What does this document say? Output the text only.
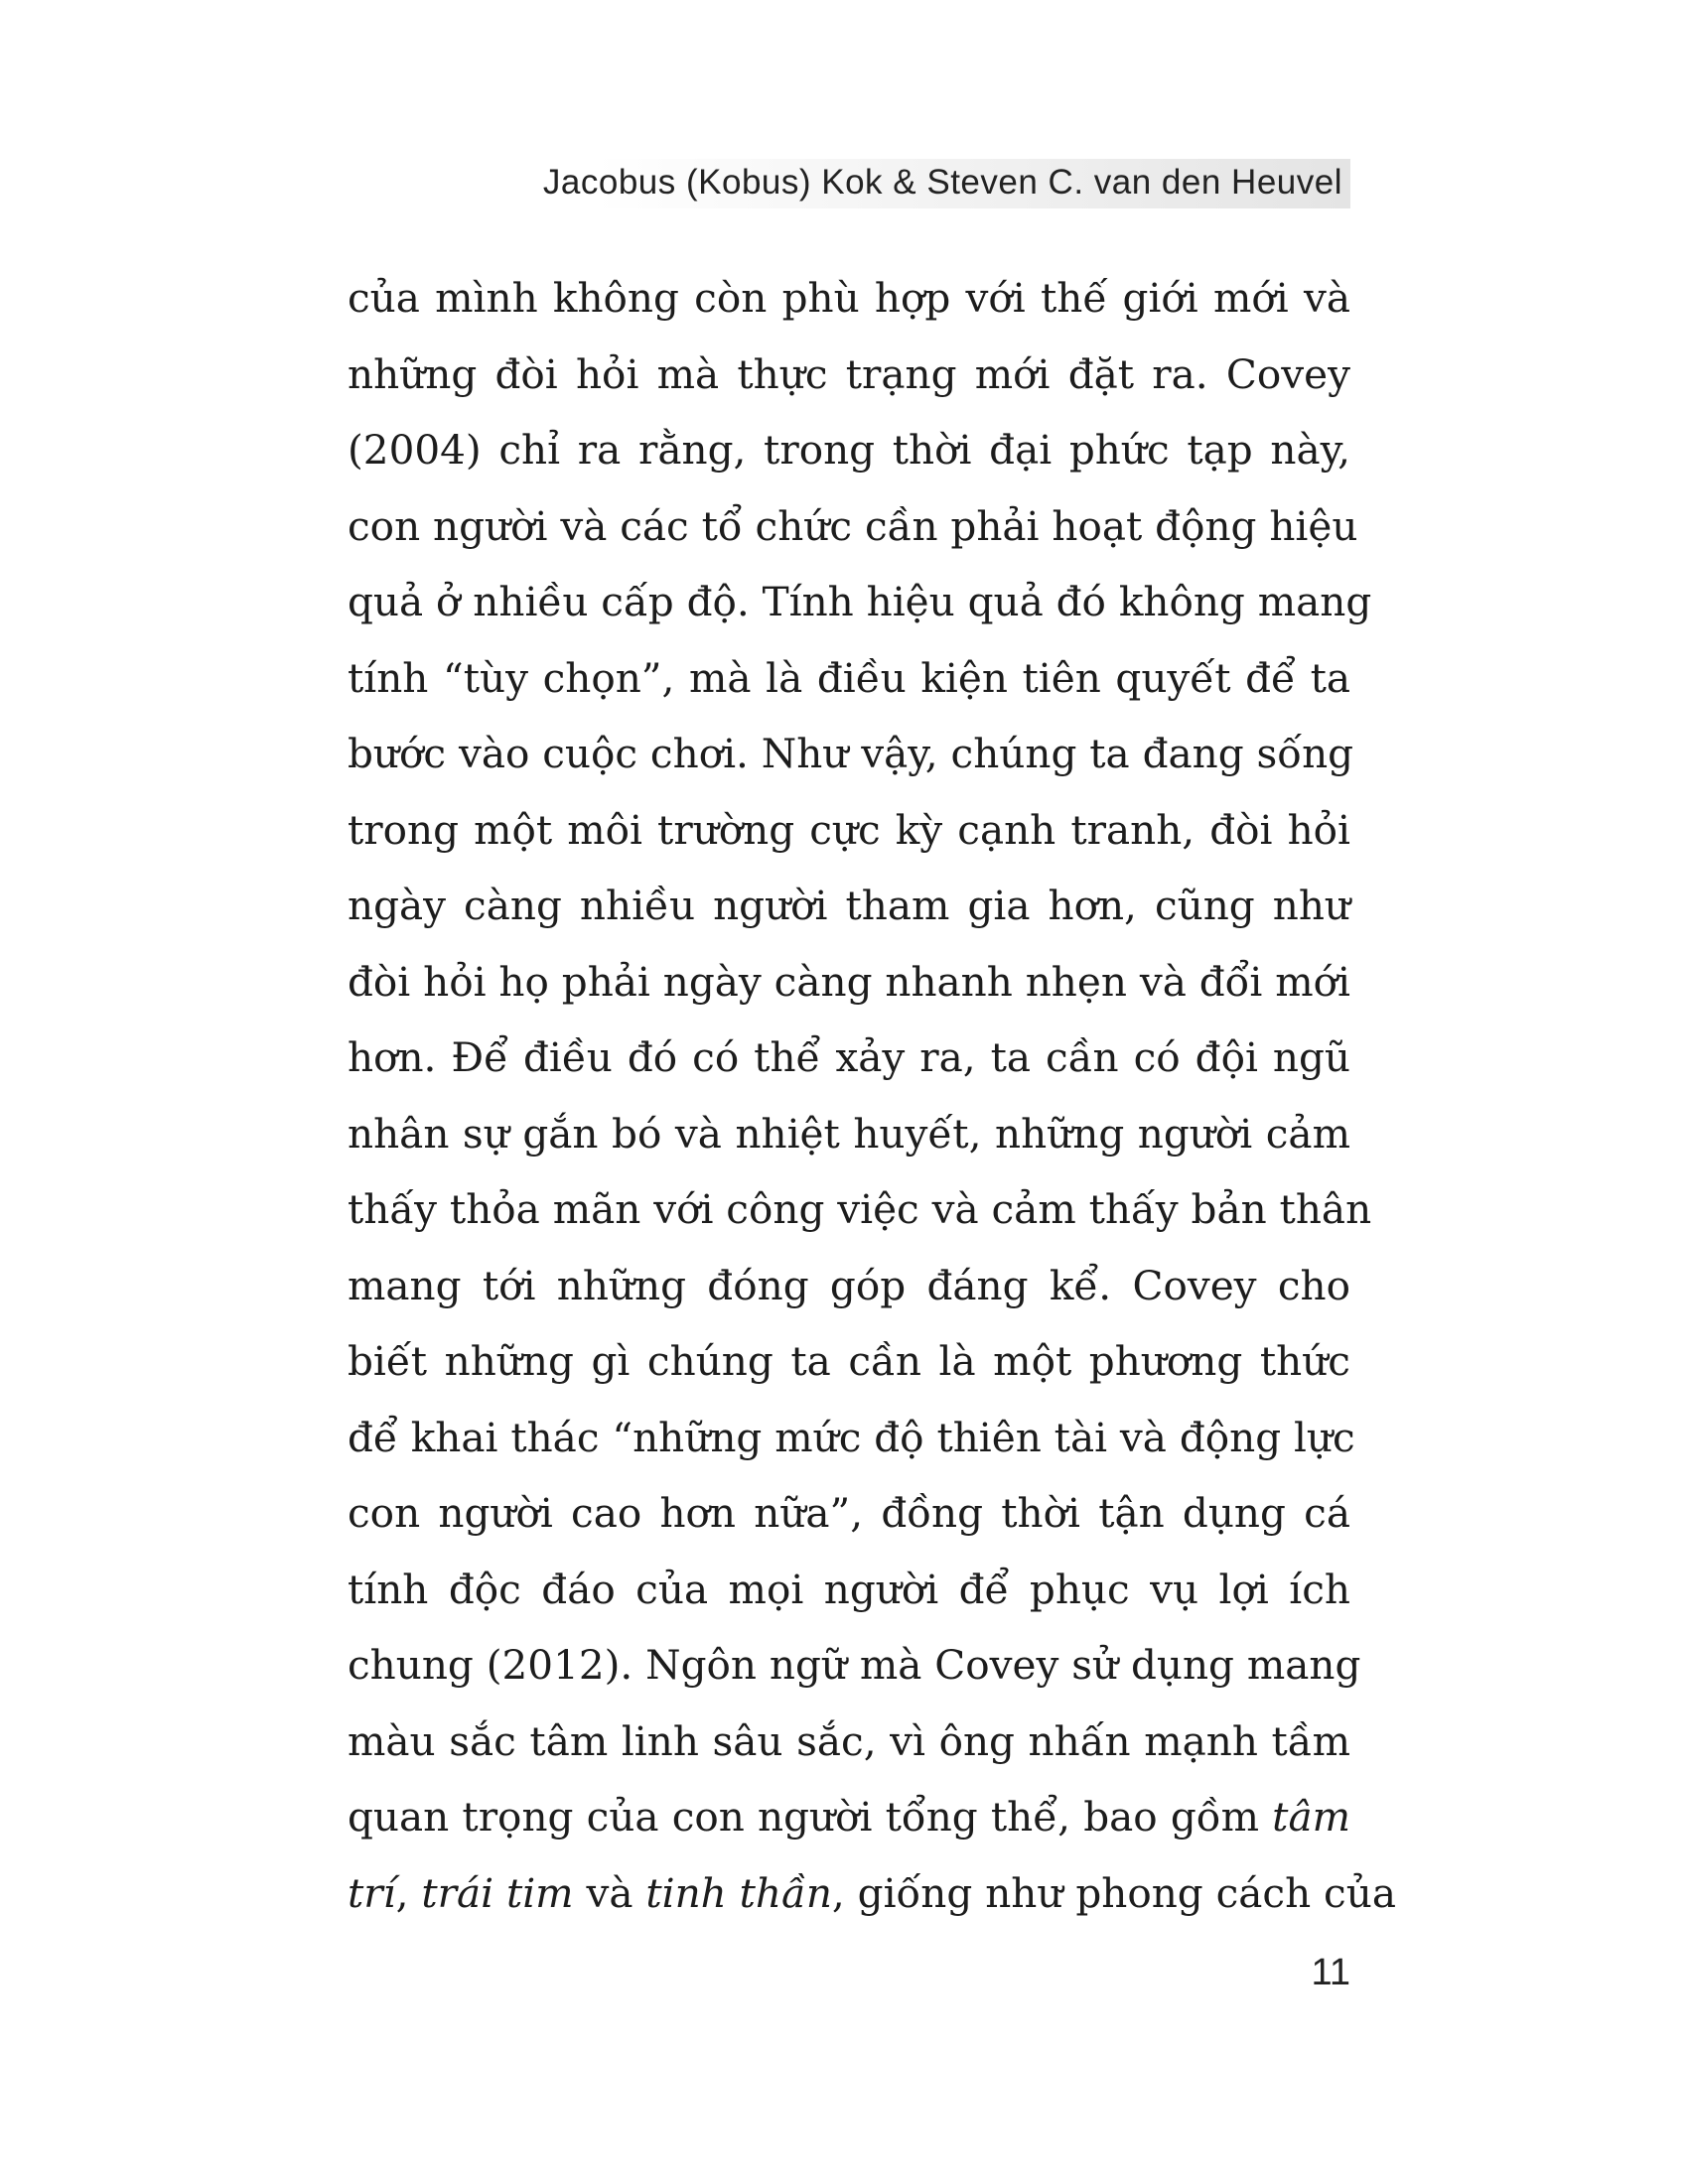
Jacobus (Kobus) Kok & Steven C. van den Heuvel
của mình không còn phù hợp với thế giới mới và
những đòi hỏi mà thực trạng mới đặt ra. Covey
(2004) chỉ ra rằng, trong thời đại phức tạp này,
con người và các tổ chức cần phải hoạt động hiệu
quả ở nhiều cấp độ. Tính hiệu quả đó không mang
tính “tùy chọn”, mà là điều kiện tiên quyết để ta
bước vào cuộc chơi. Như vậy, chúng ta đang sống
trong một môi trường cực kỳ cạnh tranh, đòi hỏi
ngày càng nhiều người tham gia hơn, cũng như
đòi hỏi họ phải ngày càng nhanh nhẹn và đổi mới
hơn. Để điều đó có thể xảy ra, ta cần có đội ngũ
nhân sự gắn bó và nhiệt huyết, những người cảm
thấy thỏa mãn với công việc và cảm thấy bản thân
mang tới những đóng góp đáng kể. Covey cho
biết những gì chúng ta cần là một phương thức
để khai thác “những mức độ thiên tài và động lực
con người cao hơn nữa”, đồng thời tận dụng cá
tính độc đáo của mọi người để phục vụ lợi ích
chung (2012). Ngôn ngữ mà Covey sử dụng mang
màu sắc tâm linh sâu sắc, vì ông nhấn mạnh tầm
quan trọng của con người tổng thể, bao gồm tâm
trí, trái tim và tinh thần, giống như phong cách của
11
